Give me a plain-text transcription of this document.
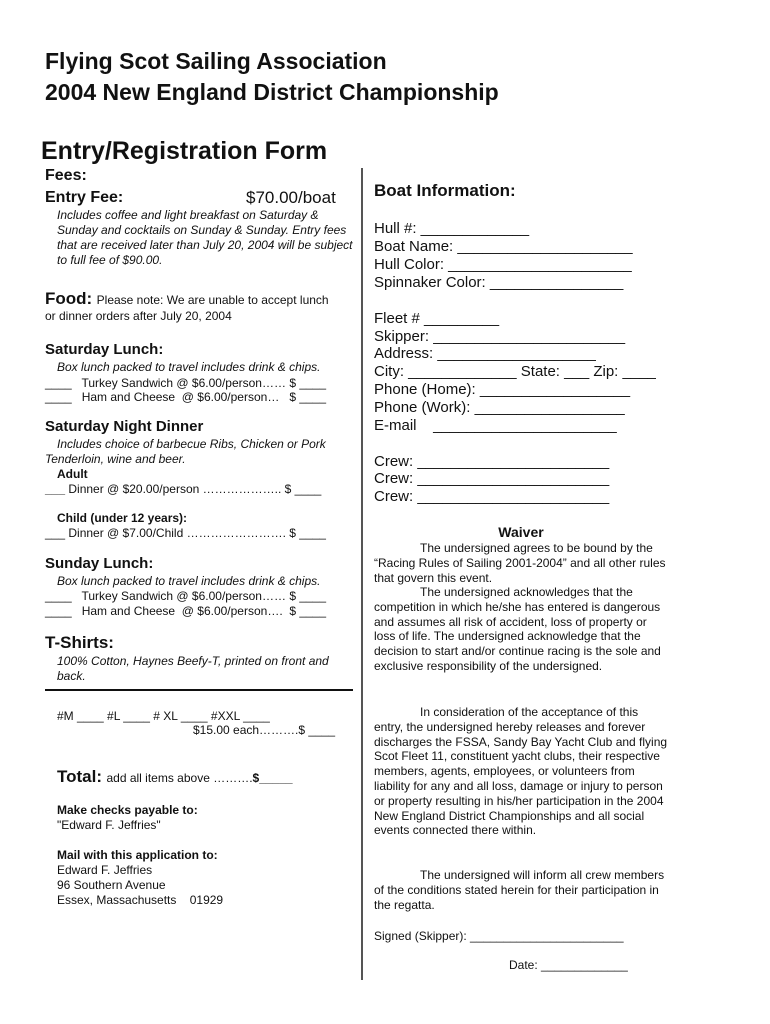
Flying Scot Sailing Association
2004 New England District Championship
Entry/Registration Form
Fees:
Entry Fee:	$70.00/boat
Includes coffee and light breakfast on Saturday & Sunday and cocktails on Sunday & Sunday. Entry fees that are received later than July 20, 2004 will be subject to full fee of $90.00.
Food: Please note: We are unable to accept lunch
or dinner orders after July 20, 2004
Saturday Lunch:
Box lunch packed to travel includes drink & chips.
____   Turkey Sandwich @ $6.00/person…… $ ____
____   Ham and Cheese  @ $6.00/person…   $ ____
Saturday Night Dinner
Includes choice of barbecue Ribs, Chicken or Pork
Tenderloin, wine and beer.
Adult
___ Dinner @ $20.00/person ……………….. $ ____
Child (under 12 years):
___ Dinner @ $7.00/Child ……………………. $ ____
Sunday Lunch:
Box lunch packed to travel includes drink & chips.
____   Turkey Sandwich @ $6.00/person…… $ ____
____   Ham and Cheese  @ $6.00/person….  $ ____
T-Shirts:
100% Cotton, Haynes Beefy-T, printed on front and back.
#M ____ #L ____ # XL ____ #XXL ____
$15.00 each……….$ ____
Total: add all items above ……….$_____
Make checks payable to:
"Edward F. Jeffries"
Mail with this application to:
Edward F. Jeffries
96 Southern Avenue
Essex, Massachusetts    01929
Boat Information:
Hull #: _____________
Boat Name: _____________________
Hull Color: ______________________
Spinnaker Color: ________________
Fleet # _________
Skipper: _______________________
Address: ___________________
City: _____________ State: ___ Zip: ____
Phone (Home): __________________
Phone (Work): __________________
E-mail    ______________________
Crew: _______________________
Crew: _______________________
Crew: _______________________
Waiver
The undersigned agrees to be bound by the “Racing Rules of Sailing 2001-2004” and all other rules that govern this event.
The undersigned acknowledges that the competition in which he/she has entered is dangerous and assumes all risk of accident, loss of property or loss of life. The undersigned acknowledge that the decision to start and/or continue racing is the sole and exclusive responsibility of the undersigned.
In consideration of the acceptance of this entry, the undersigned hereby releases and forever discharges the FSSA, Sandy Bay Yacht Club and flying Scot Fleet 11, constituent yacht clubs, their respective members, agents, employees, or volunteers from liability for any and all loss, damage or injury to person or property resulting in his/her participation in the 2004 New England District Championships and all social events connected there within.
The undersigned will inform all crew members of the conditions stated herein for their participation in the regatta.
Signed (Skipper): _______________________
Date: _____________
